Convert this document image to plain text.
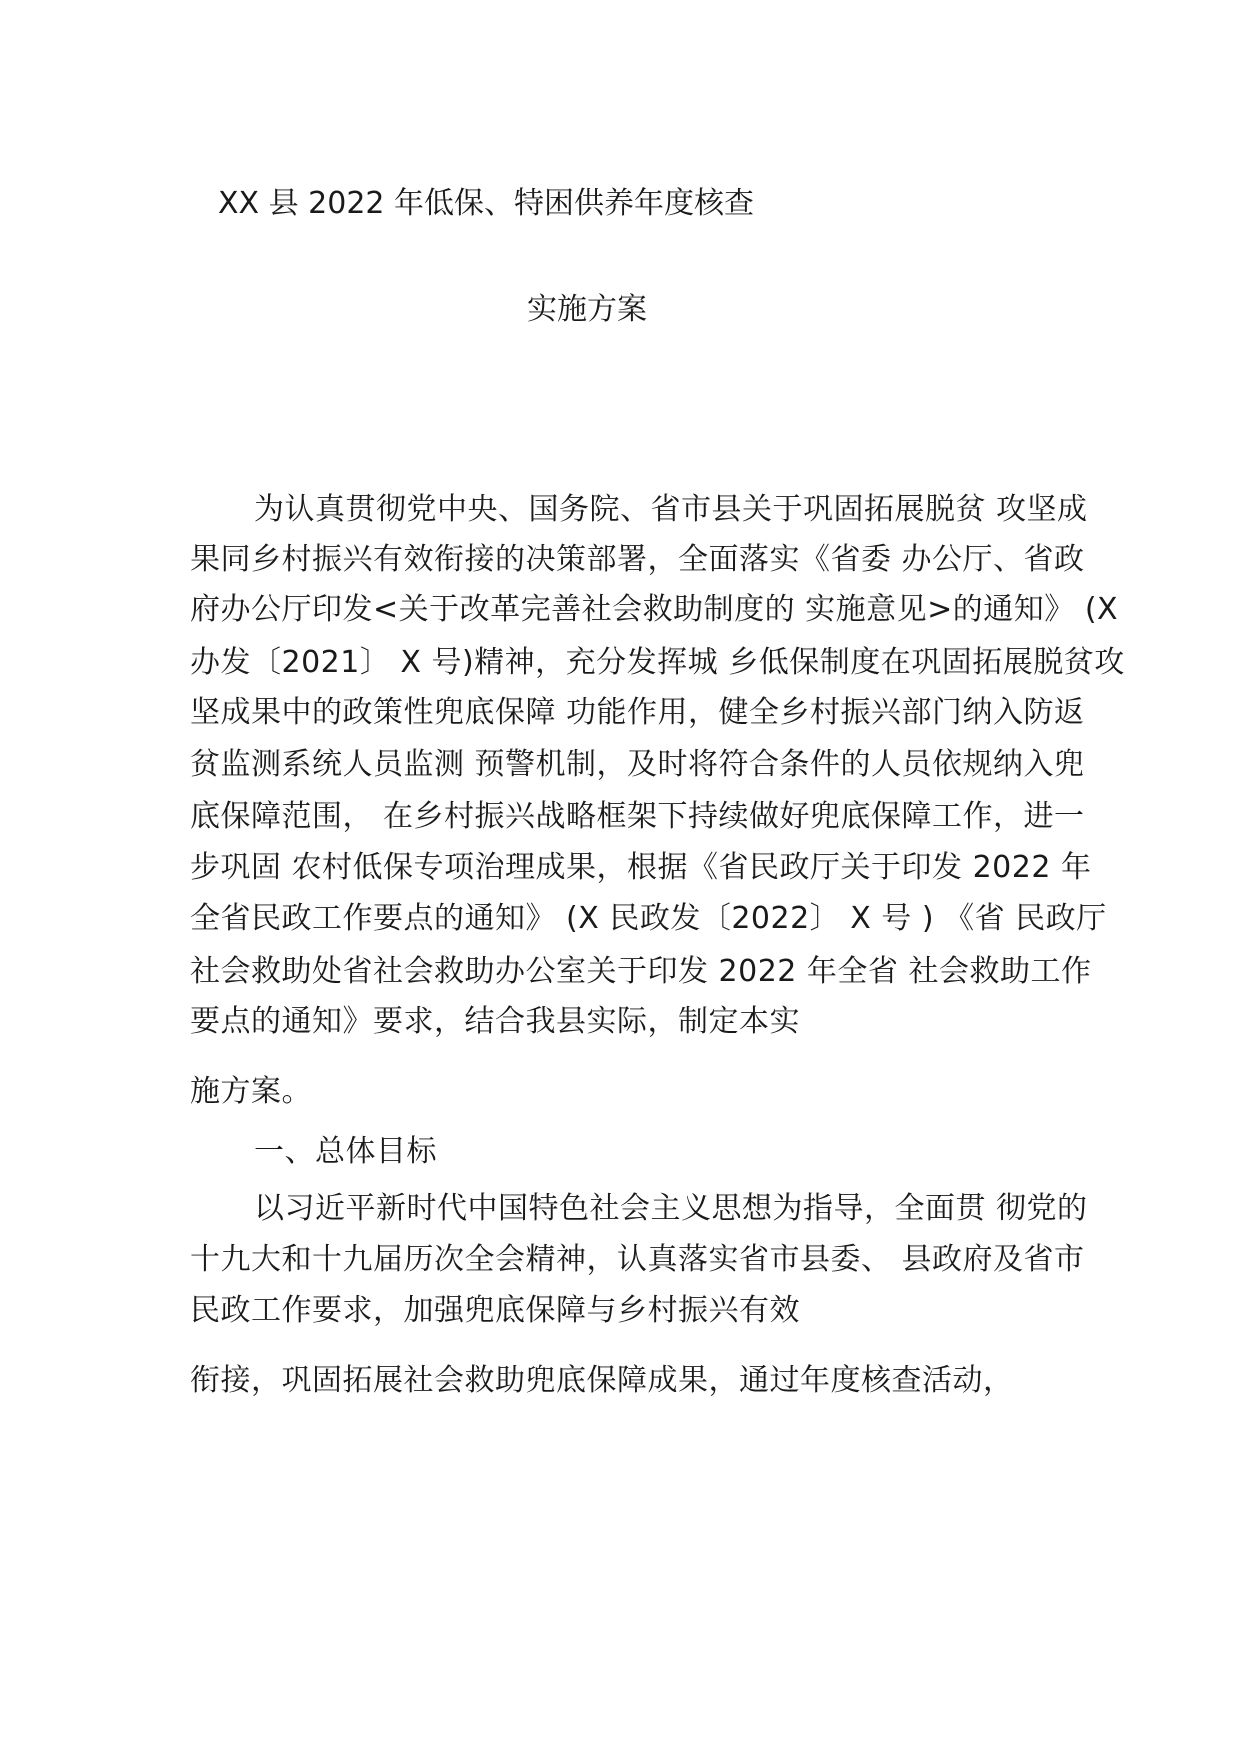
XX 县 2022 年低保、特困供养年度核查
实施方案
为认真贯彻党中央、国务院、省市县关于巩固拓展脱贫 攻坚成
果同乡村振兴有效衔接的决策部署，全面落实《省委 办公厅、省政
府办公厅印发<关于改革完善社会救助制度的 实施意见>的通知》 (X
办发〔2021〕 X 号)精神，充分发挥城 乡低保制度在巩固拓展脱贫攻
坚成果中的政策性兜底保障 功能作用，健全乡村振兴部门纳入防返
贫监测系统人员监测 预警机制，及时将符合条件的人员依规纳入兜
底保障范围， 在乡村振兴战略框架下持续做好兜底保障工作，进一
步巩固 农村低保专项治理成果，根据《省民政厅关于印发 2022 年
全省民政工作要点的通知》 (X 民政发〔2022〕 X 号 ) 《省 民政厅
社会救助处省社会救助办公室关于印发 2022 年全省 社会救助工作
要点的通知》要求，结合我县实际，制定本实
施方案。
一、总体目标
以习近平新时代中国特色社会主义思想为指导，全面贯 彻党的
十九大和十九届历次全会精神，认真落实省市县委、 县政府及省市
民政工作要求，加强兜底保障与乡村振兴有效
衔接，巩固拓展社会救助兜底保障成果，通过年度核查活动，
